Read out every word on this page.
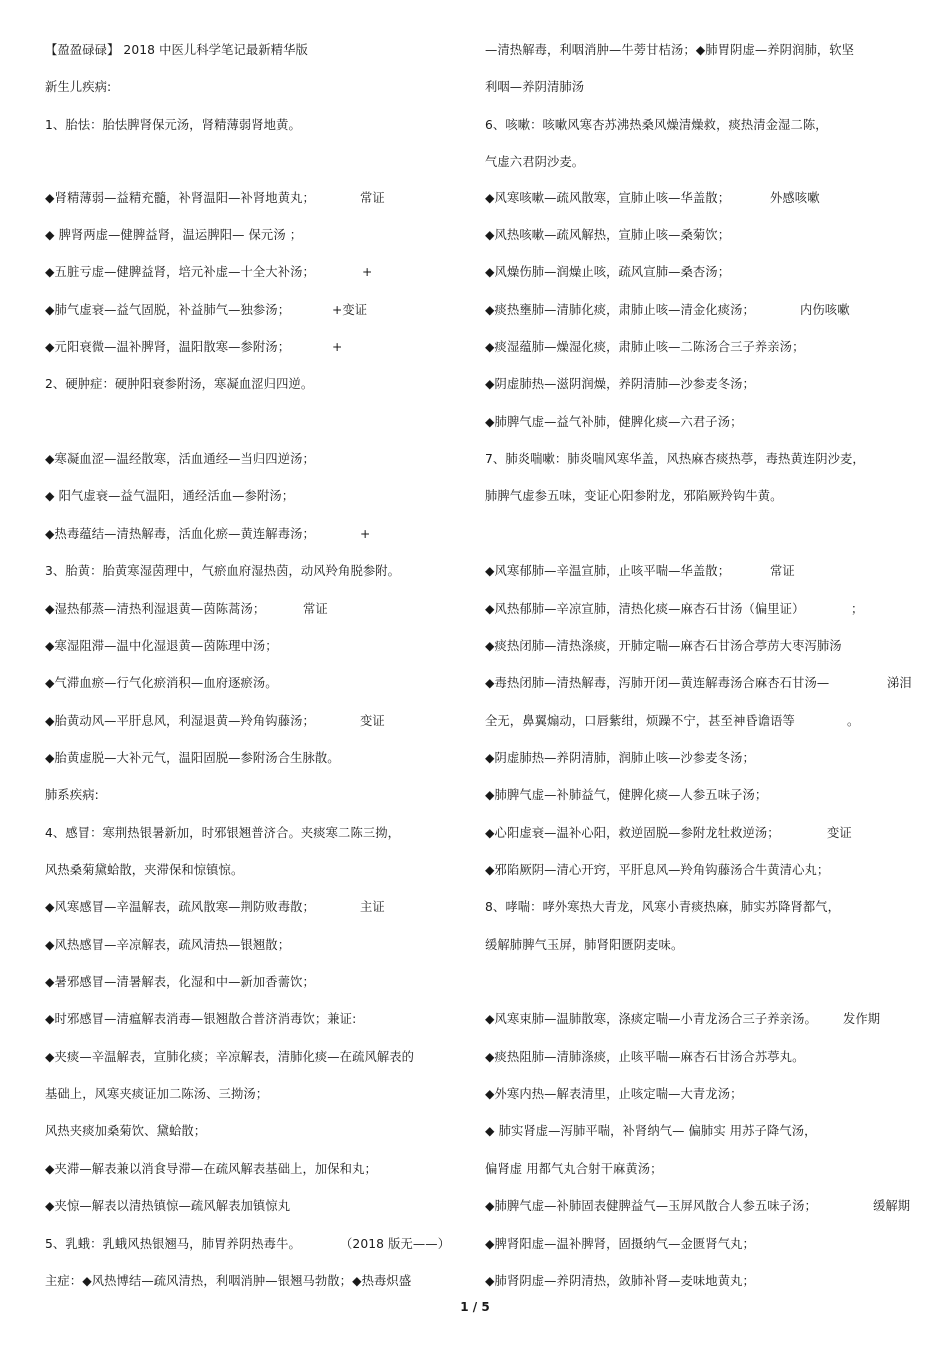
【盈盈碌碌】 2018 中医儿科学笔记最新精华版
新生儿疾病:
1、胎怯：胎怯脾肾保元汤，肾精薄弱肾地黄。
◆肾精薄弱—益精充髓，补肾温阳—补肾地黄丸；	常证
◆ 脾肾两虚—健脾益肾，温运脾阳— 保元汤 ；
◆五脏亏虚—健脾益肾，培元补虚—十全大补汤；	+
◆肺气虚衰—益气固脱，补益肺气—独参汤；	+变证
◆元阳衰微—温补脾肾，温阳散寒—参附汤；	+
2、硬肿症：硬肿阳衰参附汤，寒凝血涩归四逆。
◆寒凝血涩—温经散寒，活血通经—当归四逆汤；
◆ 阳气虚衰—益气温阳，通经活血—参附汤；
◆热毒蕴结—清热解毒，活血化瘀—黄连解毒汤；	+
3、胎黄：胎黄寒湿茵理中，气瘀血府湿热茵，动风羚角脱参附。
◆湿热郁蒸—清热利湿退黄—茵陈蒿汤；	常证
◆寒湿阻滞—温中化湿退黄—茵陈理中汤；
◆气滞血瘀—行气化瘀消积—血府逐瘀汤。
◆胎黄动风—平肝息风，利湿退黄—羚角钩藤汤；	变证
◆胎黄虚脱—大补元气，温阳固脱—参附汤合生脉散。
肺系疾病:
4、感冒：寒荆热银暑新加，时邪银翘普济合。夹痰寒二陈三拗，
风热桑菊黛蛤散，夹滞保和惊镇惊。
◆风寒感冒—辛温解表，疏风散寒—荆防败毒散；	主证
◆风热感冒—辛凉解表，疏风清热—银翘散；
◆暑邪感冒—清暑解表，化湿和中—新加香薷饮；
◆时邪感冒—清瘟解表消毒—银翘散合普济消毒饮；兼证:
◆夹痰—辛温解表，宣肺化痰；辛凉解表，清肺化痰—在疏风解表的
基础上，风寒夹痰证加二陈汤、三拗汤；
风热夹痰加桑菊饮、黛蛤散；
◆夹滞—解表兼以消食导滞—在疏风解表基础上，加保和丸；
◆夹惊—解表以清热镇惊—疏风解表加镇惊丸
5、乳蛾：乳蛾风热银翘马，肺胃养阴热毒牛。	（2018 版无——）
主症：◆风热博结—疏风清热，利咽消肿—银翘马勃散；◆热毒炽盛
—清热解毒，利咽消肿—牛蒡甘桔汤；◆肺胃阴虚—养阴润肺，软坚
利咽—养阴清肺汤
6、咳嗽：咳嗽风寒杏苏沸热桑风燥清燥救，痰热清金湿二陈，
气虚六君阴沙麦。
◆风寒咳嗽—疏风散寒，宣肺止咳—华盖散；	外感咳嗽
◆风热咳嗽—疏风解热，宣肺止咳—桑菊饮；
◆风燥伤肺—润燥止咳，疏风宣肺—桑杏汤；
◆痰热壅肺—清肺化痰，肃肺止咳—清金化痰汤；	内伤咳嗽
◆痰湿蕴肺—燥湿化痰，肃肺止咳—二陈汤合三子养亲汤；
◆阴虚肺热—滋阴润燥，养阴清肺—沙参麦冬汤；
◆肺脾气虚—益气补肺，健脾化痰—六君子汤；
7、肺炎喘嗽：肺炎喘风寒华盖，风热麻杏痰热葶，毒热黄连阴沙麦，
肺脾气虚参五味，变证心阳参附龙，邪陷厥羚钩牛黄。
◆风寒郁肺—辛温宣肺，止咳平喘—华盖散；	常证
◆风热郁肺—辛凉宣肺，清热化痰—麻杏石甘汤（偏里证）	；
◆痰热闭肺—清热涤痰，开肺定喘—麻杏石甘汤合葶苈大枣泻肺汤
◆毒热闭肺—清热解毒，泻肺开闭—黄连解毒汤合麻杏石甘汤—	涕泪
全无，鼻翼煽动，口唇紫绀，烦躁不宁，甚至神昏谵语等	。
◆阴虚肺热—养阴清肺，润肺止咳—沙参麦冬汤；
◆肺脾气虚—补肺益气，健脾化痰—人参五味子汤；
◆心阳虚衰—温补心阳，救逆固脱—参附龙牡救逆汤；	变证
◆邪陷厥阴—清心开窍，平肝息风—羚角钩藤汤合牛黄清心丸；
8、哮喘：哮外寒热大青龙，风寒小青痰热麻，肺实苏降肾都气，
缓解肺脾气玉屏，肺肾阳匮阴麦味。
◆风寒束肺—温肺散寒，涤痰定喘—小青龙汤合三子养亲汤。 发作期
◆痰热阻肺—清肺涤痰，止咳平喘—麻杏石甘汤合苏葶丸。
◆外寒内热—解表清里，止咳定喘—大青龙汤；
◆ 肺实肾虚—泻肺平喘，补肾纳气— 偏肺实 用苏子降气汤，
偏肾虚 用都气丸合射干麻黄汤；
◆肺脾气虚—补肺固表健脾益气—玉屏风散合人参五味子汤；	缓解期
◆脾肾阳虚—温补脾肾，固摄纳气—金匮肾气丸；
◆肺肾阴虚—养阴清热，敛肺补肾—麦味地黄丸；
1 / 5
